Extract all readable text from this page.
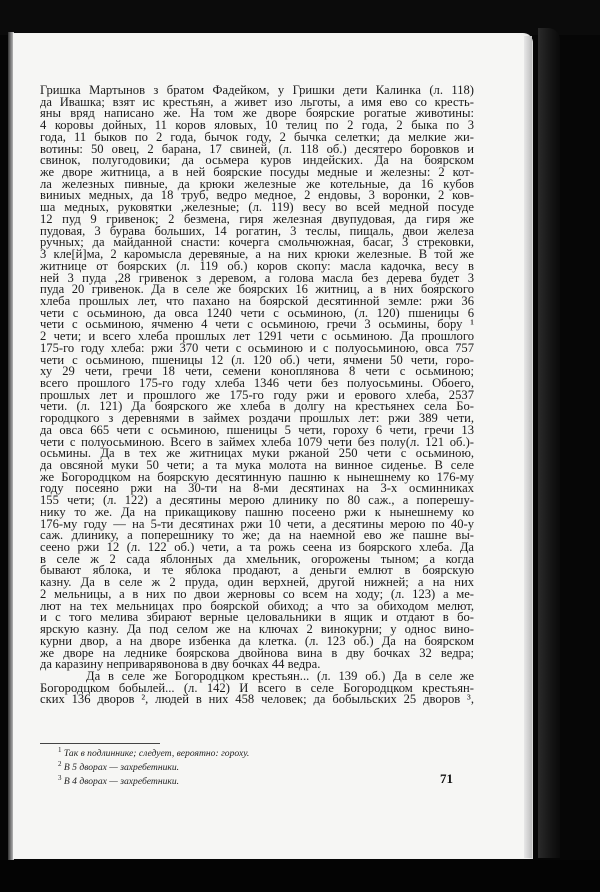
Гришка Мартынов з братом Фадейком, у Гришки дети Калинка (л. 118)
да Ивашка; взят ис крестьян, а живет изо льготы, а имя ево со кресть-
яны вряд написано же. На том же дворе боярские рогатые животины:
4 коровы дойных, 11 коров яловых, 10 телиц по 2 года, 2 быка по 3
года, 11 быков по 2 года, бычок году, 2 бычка селетки; да мелкие жи-
вотины: 50 овец, 2 барана, 17 свиней, (л. 118 об.) десятеро боровков и
свинок, полугодовики; да осьмера куров индейских. Да на боярском
же дворе житница, а в ней боярские посуды медные и железны: 2 кот-
ла железных пивные, да крюки железные же котельные, да 16 кубов
виниых медных, да 18 труб, ведро медное, 2 ендовы, 3 воронки, 2 ков-
ша медных, руковятки ,железные; (л. 119) весу во всей медной посуде
12 пуд 9 гривенок; 2 безмена, гиря железная двупудовая, да гиря же
пудовая, 3 бурава больших, 14 рогатин, 3 теслы, пищаль, двои железа
ручных; да майданной снасти: кочерга смольчюжная, басаг, 3 стрековки,
3 кле[й]ма, 2 каромысла деревяные, а на них крюки железные. В той же
житнице от боярских (л. 119 об.) коров скопу: масла кадочка, весу в
ней 3 пуда ,28 гривенок з деревом, а голова масла без дерева будет 3
пуда 20 гривенок. Да в селе же боярских 16 житниц, а в них боярского
хлеба прошлых лет, что пахано на боярской десятинной земле: ржи 36
чети с осьминою, да овса 1240 чети с осьминою, (л. 120) пшеницы 6
чети с осьминою, ячменю 4 чети с осьминою, гречи 3 осьмины, бору ¹
2 чети; и всего хлеба прошлых лет 1291 чети с осьминою. Да прошлого
175-го году хлеба: ржи 370 чети с осьминою и с полуосьминою, овса 757
чети с осьминою, пшеницы 12 (л. 120 об.) чети, ячмени 50 чети, горо-
ху 29 чети, гречи 18 чети, семени коноплянова 8 чети с осьминою;
всего прошлого 175-го году хлеба 1346 чети без полуосьмины. Обоего,
прошлых лет и прошлого же 175-го году ржи и ерового хлеба, 2537
чети. (л. 121) Да боярского же хлеба в долгу на крестьянех села Бо-
городцкого з деревнями в займех роздачи прошлых лет: ржи 389 чети,
да овса 665 чети с осьминою, пшеницы 5 чети, гороху 6 чети, гречи 13
чети с полуосьминою. Всего в займех хлеба 1079 чети без полу(л. 121 об.)-
осьмины. Да в тех же житницах муки ржаной 250 чети с осьминою,
да овсяной муки 50 чети; а та мука молота на винное сиденье. В селе
же Богородцком на боярскую десятинную пашню к нынешнему ко 176-му
году посеяно ржи на 30-ти на 8-ми десятинах на 3-х осминниках
155 чети; (л. 122) а десятины мерою длинику по 80 саж., а поперешу-
нику то же. Да на прикащикову пашню посеено ржи к нынешнему ко
176-му году — на 5-ти десятинах ржи 10 чети, а десятины мерою по 40-у
саж. длинику, а поперешнику то же; да на наемной ево же пашне вы-
сеено ржи 12 (л. 122 об.) чети, а та рожь сеена из боярского хлеба. Да
в селе ж 2 сада яблонных да хмельник, огорожены тыном; а когда
бывают яблока, и те яблока продают, а деньги емлют в боярскую
казну. Да в селе ж 2 пруда, один верхней, другой нижней; а на них
2 мельницы, а в них по двои жерновы со всем на ходу; (л. 123) а ме-
лют на тех мельницах про боярской обиход; а что за обиходом мелют,
и с того мелива збирают верные целовальники в ящик и отдают в бо-
ярскую казну. Да под селом же на ключах 2 винокурни; у однос вино-
курни двор, а на дворе избенка да клетка. (л. 123 об.) Да на боярском
же дворе на леднике боярскова двойнова вина в дву бочках 32 ведра;
да каразину неприварявонова в дву бочках 44 ведра.
Да в селе же Богородцком крестьян... (л. 139 об.) Да в селе же
Богородцком бобылей... (л. 142) И всего в селе Богородцком крестьян-
ских 136 дворов ², людей в них 458 человек; да бобыльских 25 дворов ³,
$^1$ Так в подлиннике; следует, вероятно: гороху.
$^2$ В 5 дворах — захребетники.
$^3$ В 4 дворах — захребетники.	71
